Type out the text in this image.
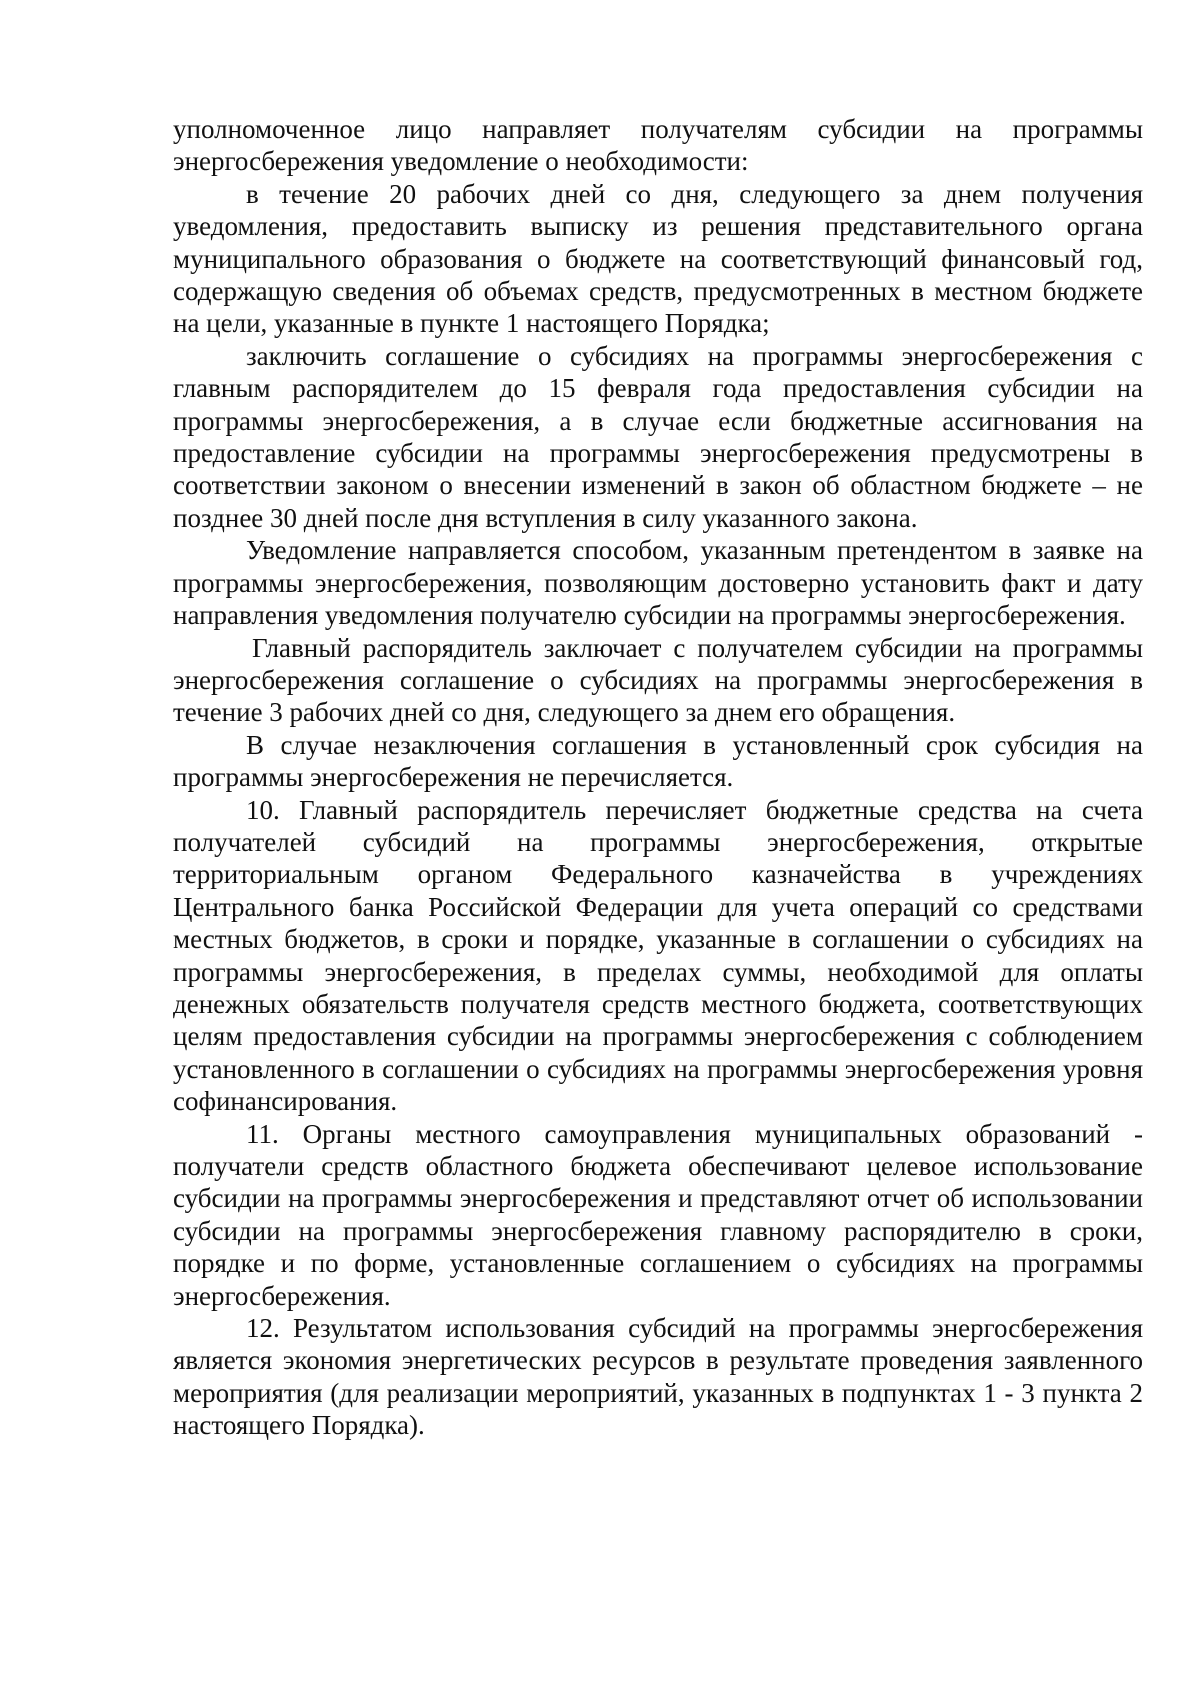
уполномоченное лицо направляет получателям субсидии на программы энергосбережения уведомление о необходимости:

в течение 20 рабочих дней со дня, следующего за днем получения уведомления, предоставить выписку из решения представительного органа муниципального образования о бюджете на соответствующий финансовый год, содержащую сведения об объемах средств, предусмотренных в местном бюджете на цели, указанные в пункте 1 настоящего Порядка;

заключить соглашение о субсидиях на программы энергосбережения с главным распорядителем до 15 февраля года предоставления субсидии на программы энергосбережения, а в случае если бюджетные ассигнования на предоставление субсидии на программы энергосбережения предусмотрены в соответствии законом о внесении изменений в закон об областном бюджете – не позднее 30 дней после дня вступления в силу указанного закона.

Уведомление направляется способом, указанным претендентом в заявке на программы энергосбережения, позволяющим достоверно установить факт и дату направления уведомления получателю субсидии на программы энергосбережения.

Главный распорядитель заключает с получателем субсидии на программы энергосбережения соглашение о субсидиях на программы энергосбережения в течение 3 рабочих дней со дня, следующего за днем его обращения.

В случае незаключения соглашения в установленный срок субсидия на программы энергосбережения не перечисляется.

10. Главный распорядитель перечисляет бюджетные средства на счета получателей субсидий на программы энергосбережения, открытые территориальным органом Федерального казначейства в учреждениях Центрального банка Российской Федерации для учета операций со средствами местных бюджетов, в сроки и порядке, указанные в соглашении о субсидиях на программы энергосбережения, в пределах суммы, необходимой для оплаты денежных обязательств получателя средств местного бюджета, соответствующих целям предоставления субсидии на программы энергосбережения с соблюдением установленного в соглашении о субсидиях на программы энергосбережения уровня софинансирования.

11. Органы местного самоуправления муниципальных образований - получатели средств областного бюджета обеспечивают целевое использование субсидии на программы энергосбережения и представляют отчет об использовании субсидии на программы энергосбережения главному распорядителю в сроки, порядке и по форме, установленные соглашением о субсидиях на программы энергосбережения.

12. Результатом использования субсидий на программы энергосбережения является экономия энергетических ресурсов в результате проведения заявленного мероприятия (для реализации мероприятий, указанных в подпунктах 1 - 3 пункта 2 настоящего Порядка).
